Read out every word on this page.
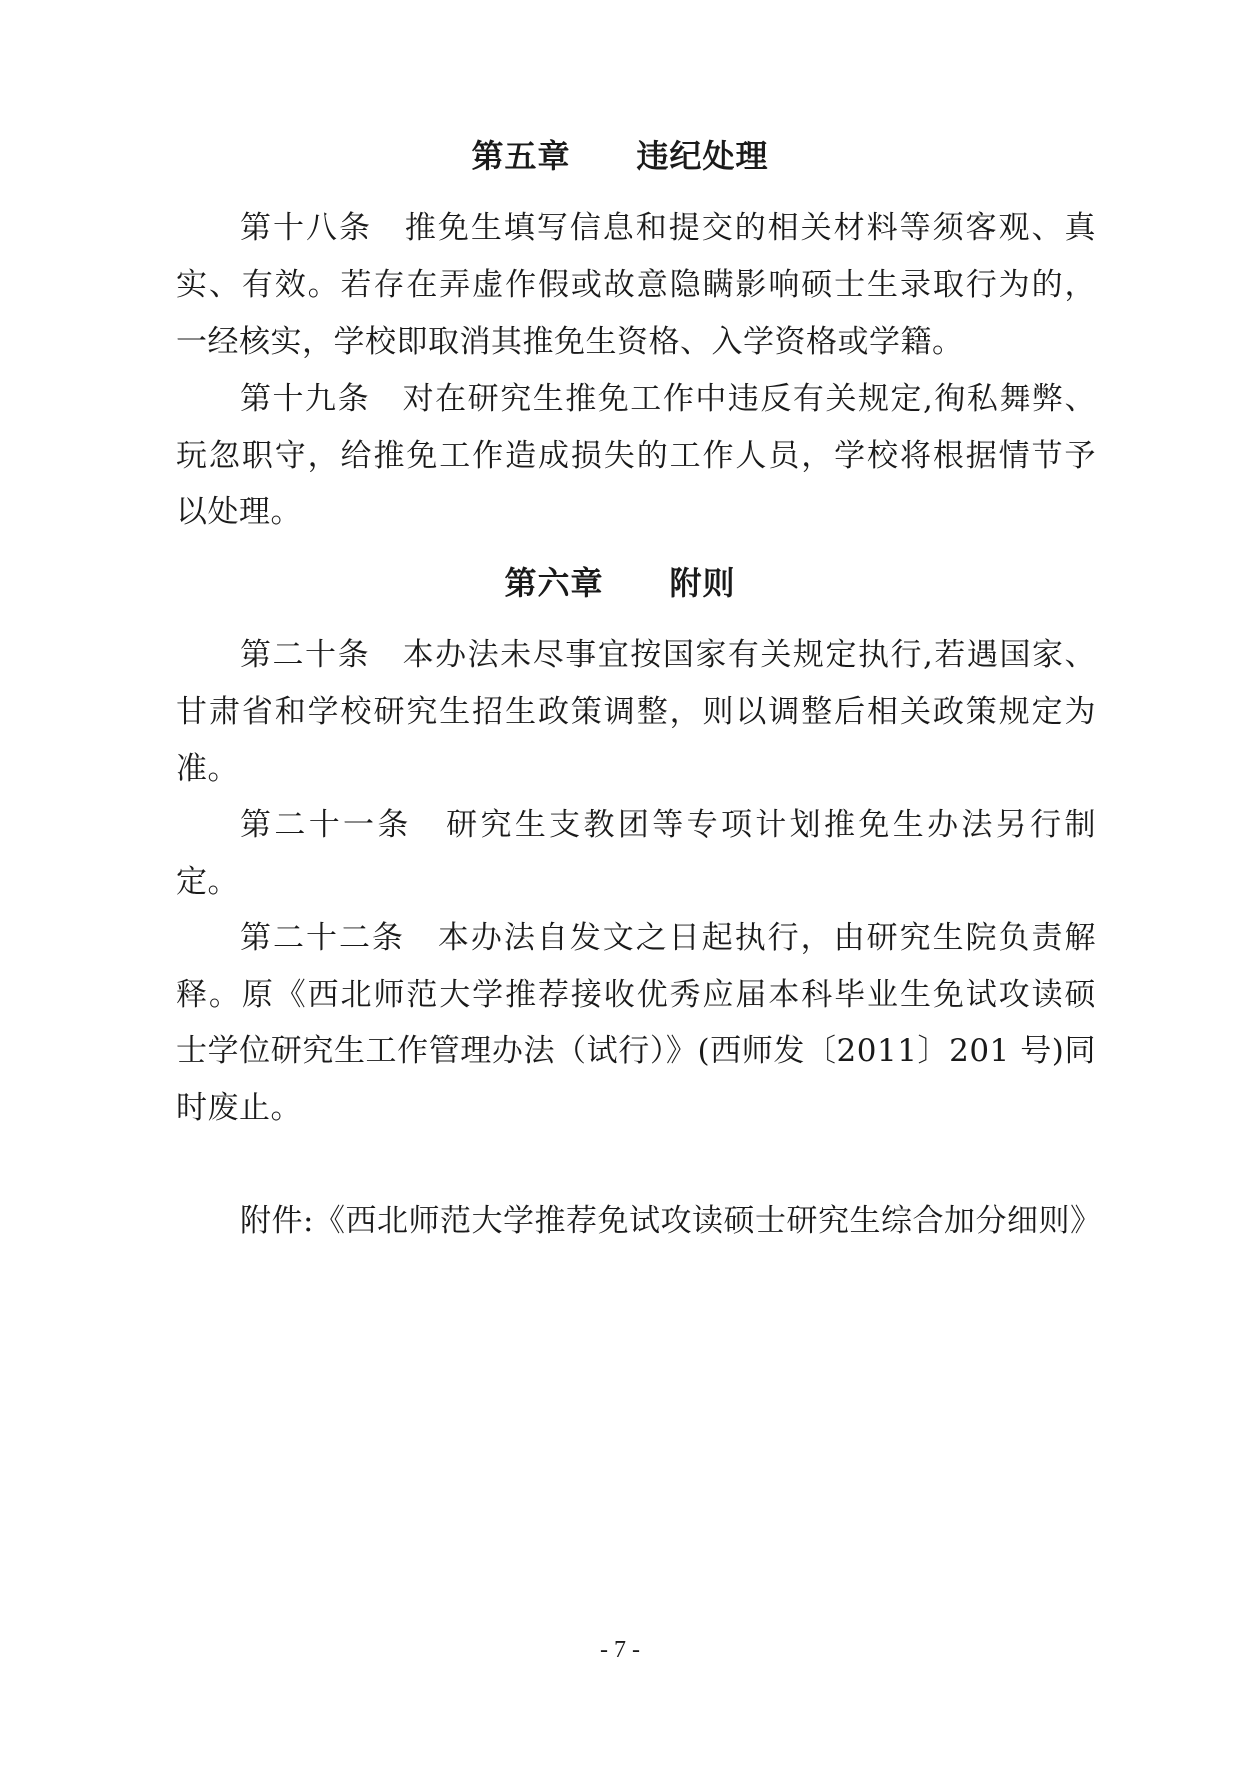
第五章　　违纪处理
第十八条　推免生填写信息和提交的相关材料等须客观、真
实、有效。若存在弄虚作假或故意隐瞒影响硕士生录取行为的，
一经核实，学校即取消其推免生资格、入学资格或学籍。
第十九条　对在研究生推免工作中违反有关规定,徇私舞弊、
玩忽职守，给推免工作造成损失的工作人员，学校将根据情节予
以处理。
第六章　　附则
第二十条　本办法未尽事宜按国家有关规定执行,若遇国家、
甘肃省和学校研究生招生政策调整，则以调整后相关政策规定为
准。
第二十一条　研究生支教团等专项计划推免生办法另行制
定。
第二十二条　本办法自发文之日起执行，由研究生院负责解
释。原《西北师范大学推荐接收优秀应届本科毕业生免试攻读硕
士学位研究生工作管理办法（试行）》(西师发〔2011〕201 号)同
时废止。
附件:《西北师范大学推荐免试攻读硕士研究生综合加分细则》
- 7 -
